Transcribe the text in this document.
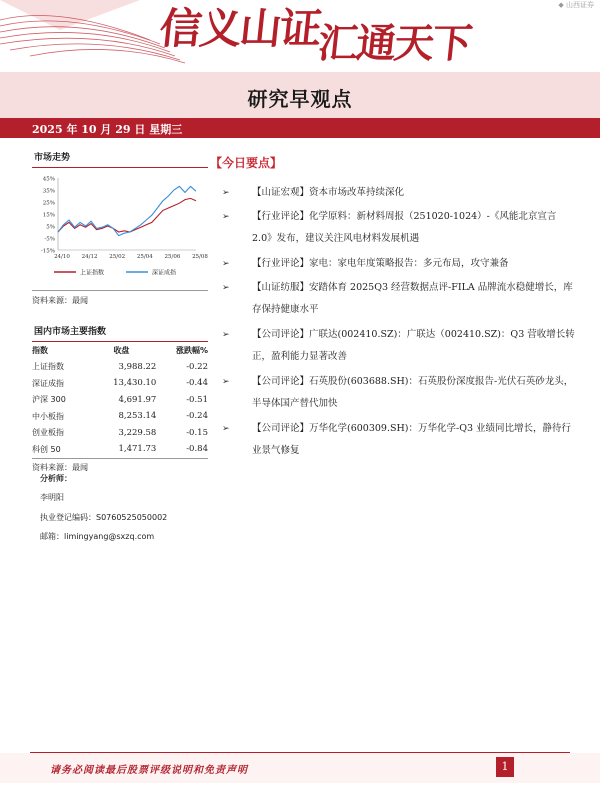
信义山证汇通天下
◆ 山西证券
研究早观点
2025 年 10 月 29 日 星期三
市场走势
45%
35%
25%
15%
5%
-5%
-15%
24/10 24/12 25/02 25/04 25/06 25/08
上证指数	深证成指
资料来源：最闻
国内市场主要指数
指数	收盘	涨跌幅%
上证指数	3,988.22	-0.22
深证成指	13,430.10	-0.44
沪深 300	4,691.97	-0.51
中小板指	8,253.14	-0.24
创业板指	3,229.58	-0.15
科创 50	1,471.73	-0.84
资料来源：最闻
分析师：
李明阳
执业登记编码：S0760525050002
邮箱：limingyang@sxzq.com
【今日要点】
➢	【山证宏观】资本市场改革持续深化
➢	【行业评论】化学原料：新材料周报（251020-1024）-《风能北京宣言 2.0》发布，建议关注风电材料发展机遇
➢	【行业评论】家电：家电年度策略报告：多元布局，攻守兼备
➢	【山证纺服】安踏体育 2025Q3 经营数据点评-FILA 品牌流水稳健增长，库存保持健康水平
➢	【公司评论】广联达(002410.SZ)：广联达（002410.SZ)：Q3 营收增长转正，盈利能力显著改善
➢	【公司评论】石英股份(603688.SH)：石英股份深度报告-光伏石英砂龙头，半导体国产替代加快
➢	【公司评论】万华化学(600309.SH)：万华化学-Q3 业绩同比增长，静待行业景气修复
请务必阅读最后股票评级说明和免责声明	1
